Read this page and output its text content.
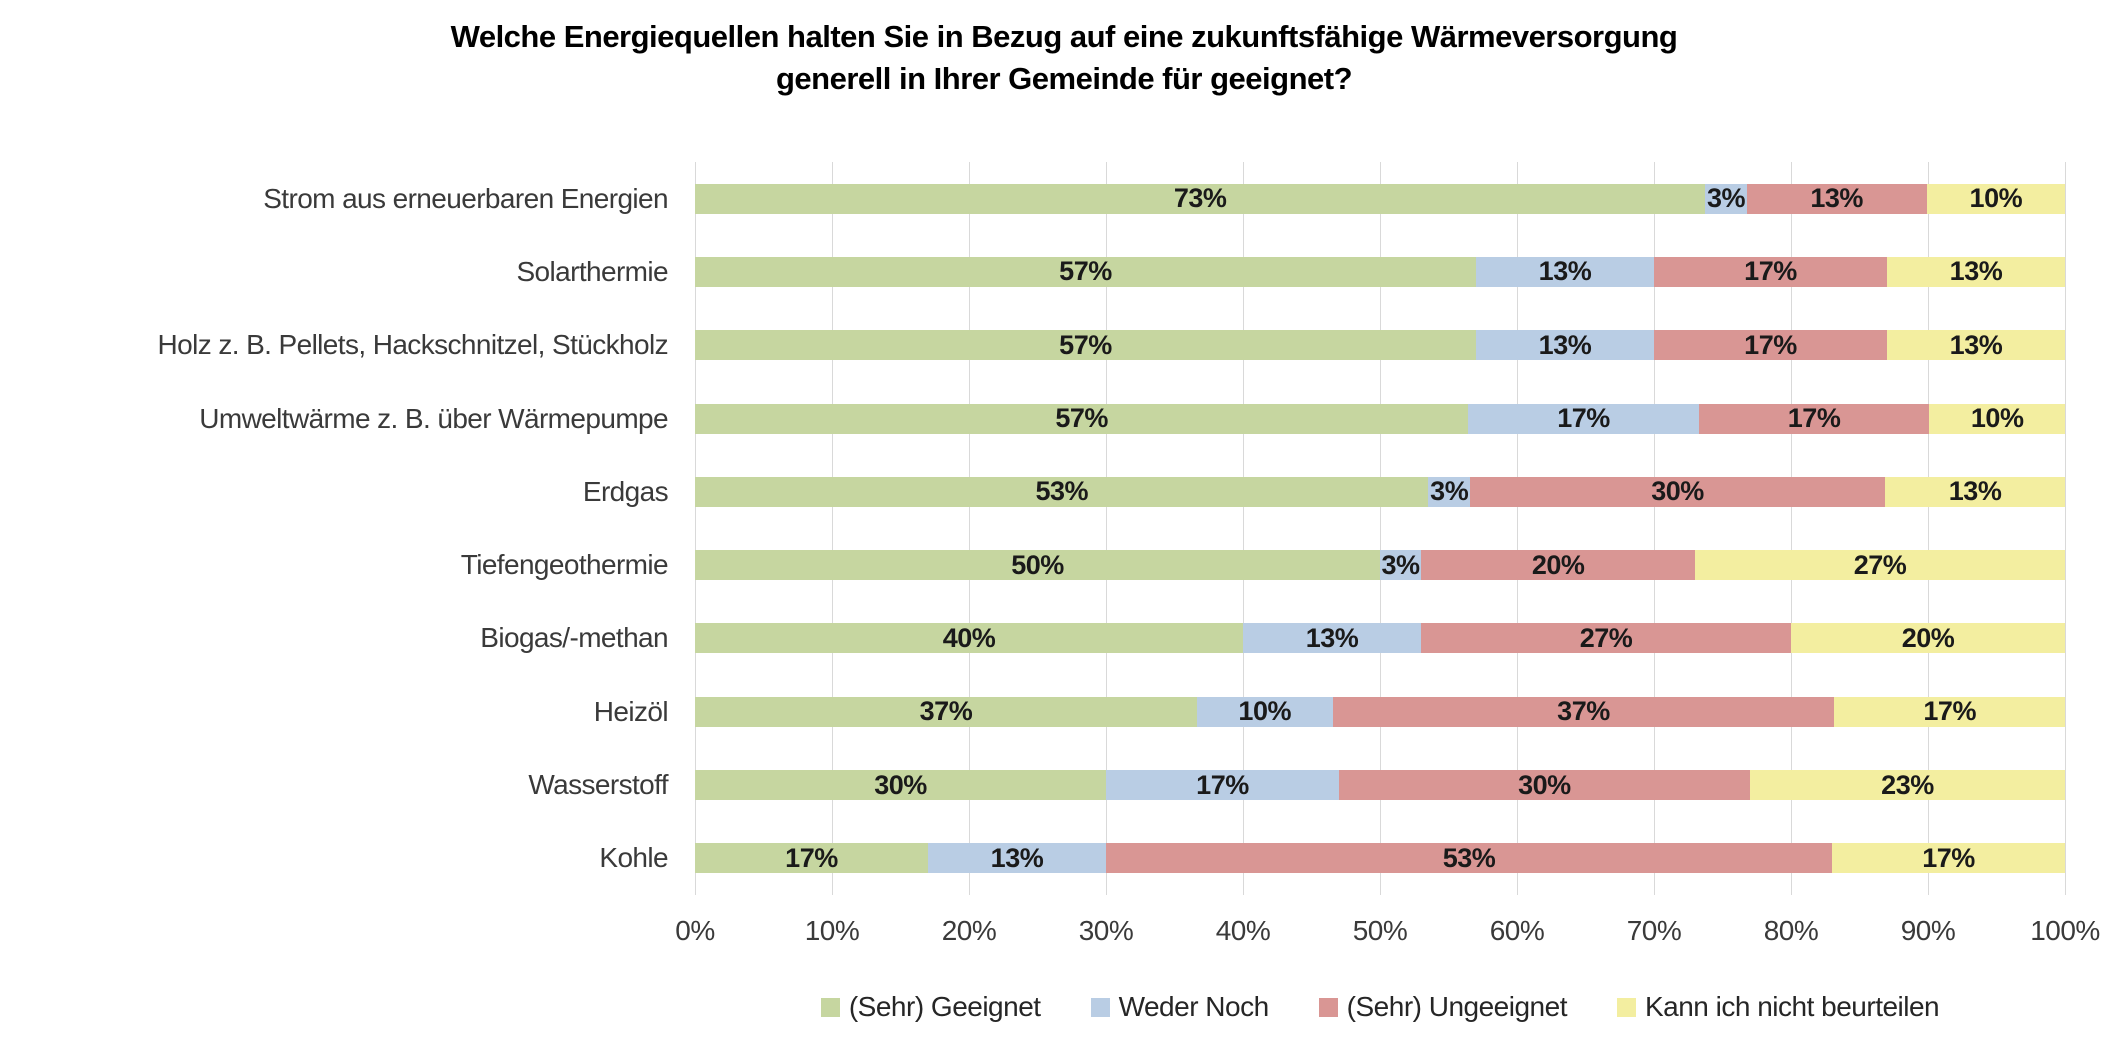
Welche Energiequellen halten Sie in Bezug auf eine zukunftsfähige Wärmeversorgung
generell in Ihrer Gemeinde für geeignet?
Strom aus erneuerbaren Energien
Solarthermie
Holz z. B. Pellets, Hackschnitzel, Stückholz
Umweltwärme z. B. über Wärmepumpe
Erdgas
Tiefengeothermie
Biogas/-methan
Heizöl
Wasserstoff
Kohle
73%	3% 13%	10%
57%	13%	17%	13%
57%	13%	17%	13%
57%	17%	17%	10%
53%	3%	30%	13%
50%	3%	20%	27%
40%	13%	27%	20%
37%	10%	37%	17%
30%	17%	30%	23%
17%	13%	53%	17%
0%	10%	20%	30%	40%	50%	60%	70%	80%	90%	100%
(Sehr) Geeignet	Weder Noch	(Sehr) Ungeeignet	Kann ich nicht beurteilen
